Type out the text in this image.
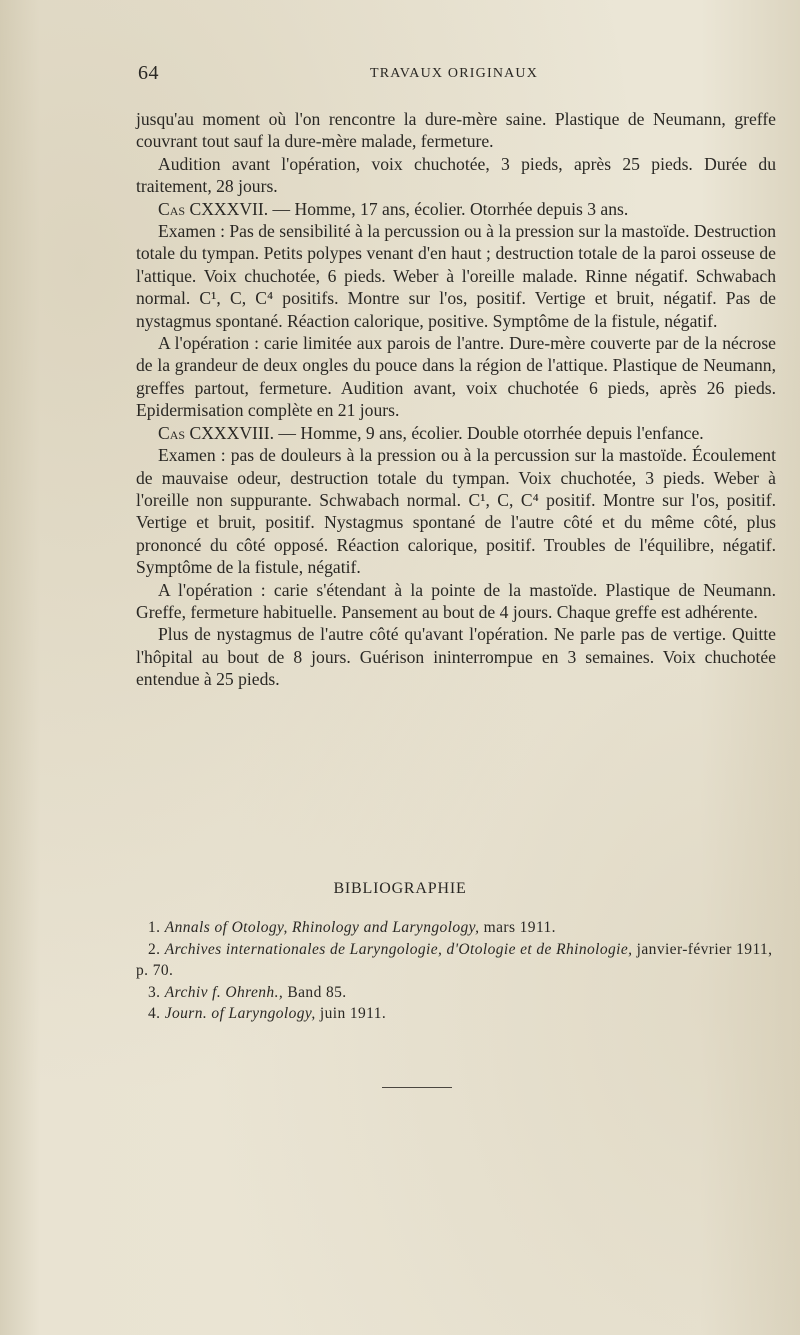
64	TRAVAUX ORIGINAUX

jusqu'au moment où l'on rencontre la dure-mère saine. Plastique de Neumann, greffe couvrant tout sauf la dure-mère malade, fermeture.

Audition avant l'opération, voix chuchotée, 3 pieds, après 25 pieds. Durée du traitement, 28 jours.

Cas CXXXVII. — Homme, 17 ans, écolier. Otorrhée depuis 3 ans.

Examen : Pas de sensibilité à la percussion ou à la pression sur la mastoïde. Destruction totale du tympan. Petits polypes venant d'en haut ; destruction totale de la paroi osseuse de l'attique. Voix chuchotée, 6 pieds. Weber à l'oreille malade. Rinne négatif. Schwabach normal. C¹, C, C⁴ positifs. Montre sur l'os, positif. Vertige et bruit, négatif. Pas de nystagmus spontané. Réaction calorique, positive. Symptôme de la fistule, négatif.

A l'opération : carie limitée aux parois de l'antre. Dure-mère couverte par de la nécrose de la grandeur de deux ongles du pouce dans la région de l'attique. Plastique de Neumann, greffes partout, fermeture. Audition avant, voix chuchotée 6 pieds, après 26 pieds. Epidermisation complète en 21 jours.

Cas CXXXVIII. — Homme, 9 ans, écolier. Double otorrhée depuis l'enfance.

Examen : pas de douleurs à la pression ou à la percussion sur la mastoïde. Écoulement de mauvaise odeur, destruction totale du tympan. Voix chuchotée, 3 pieds. Weber à l'oreille non suppurante. Schwabach normal. C¹, C, C⁴ positif. Montre sur l'os, positif. Vertige et bruit, positif. Nystagmus spontané de l'autre côté et du même côté, plus prononcé du côté opposé. Réaction calorique, positif. Troubles de l'équilibre, négatif. Symptôme de la fistule, négatif.

A l'opération : carie s'étendant à la pointe de la mastoïde. Plastique de Neumann. Greffe, fermeture habituelle. Pansement au bout de 4 jours. Chaque greffe est adhérente.

Plus de nystagmus de l'autre côté qu'avant l'opération. Ne parle pas de vertige. Quitte l'hôpital au bout de 8 jours. Guérison ininterrompue en 3 semaines. Voix chuchotée entendue à 25 pieds.

BIBLIOGRAPHIE
1. Annals of Otology, Rhinology and Laryngology, mars 1911.
2. Archives internationales de Laryngologie, d'Otologie et de Rhinologie, janvier-février 1911, p. 70.
3. Archiv f. Ohrenh., Band 85.
4. Journ. of Laryngology, juin 1911.
